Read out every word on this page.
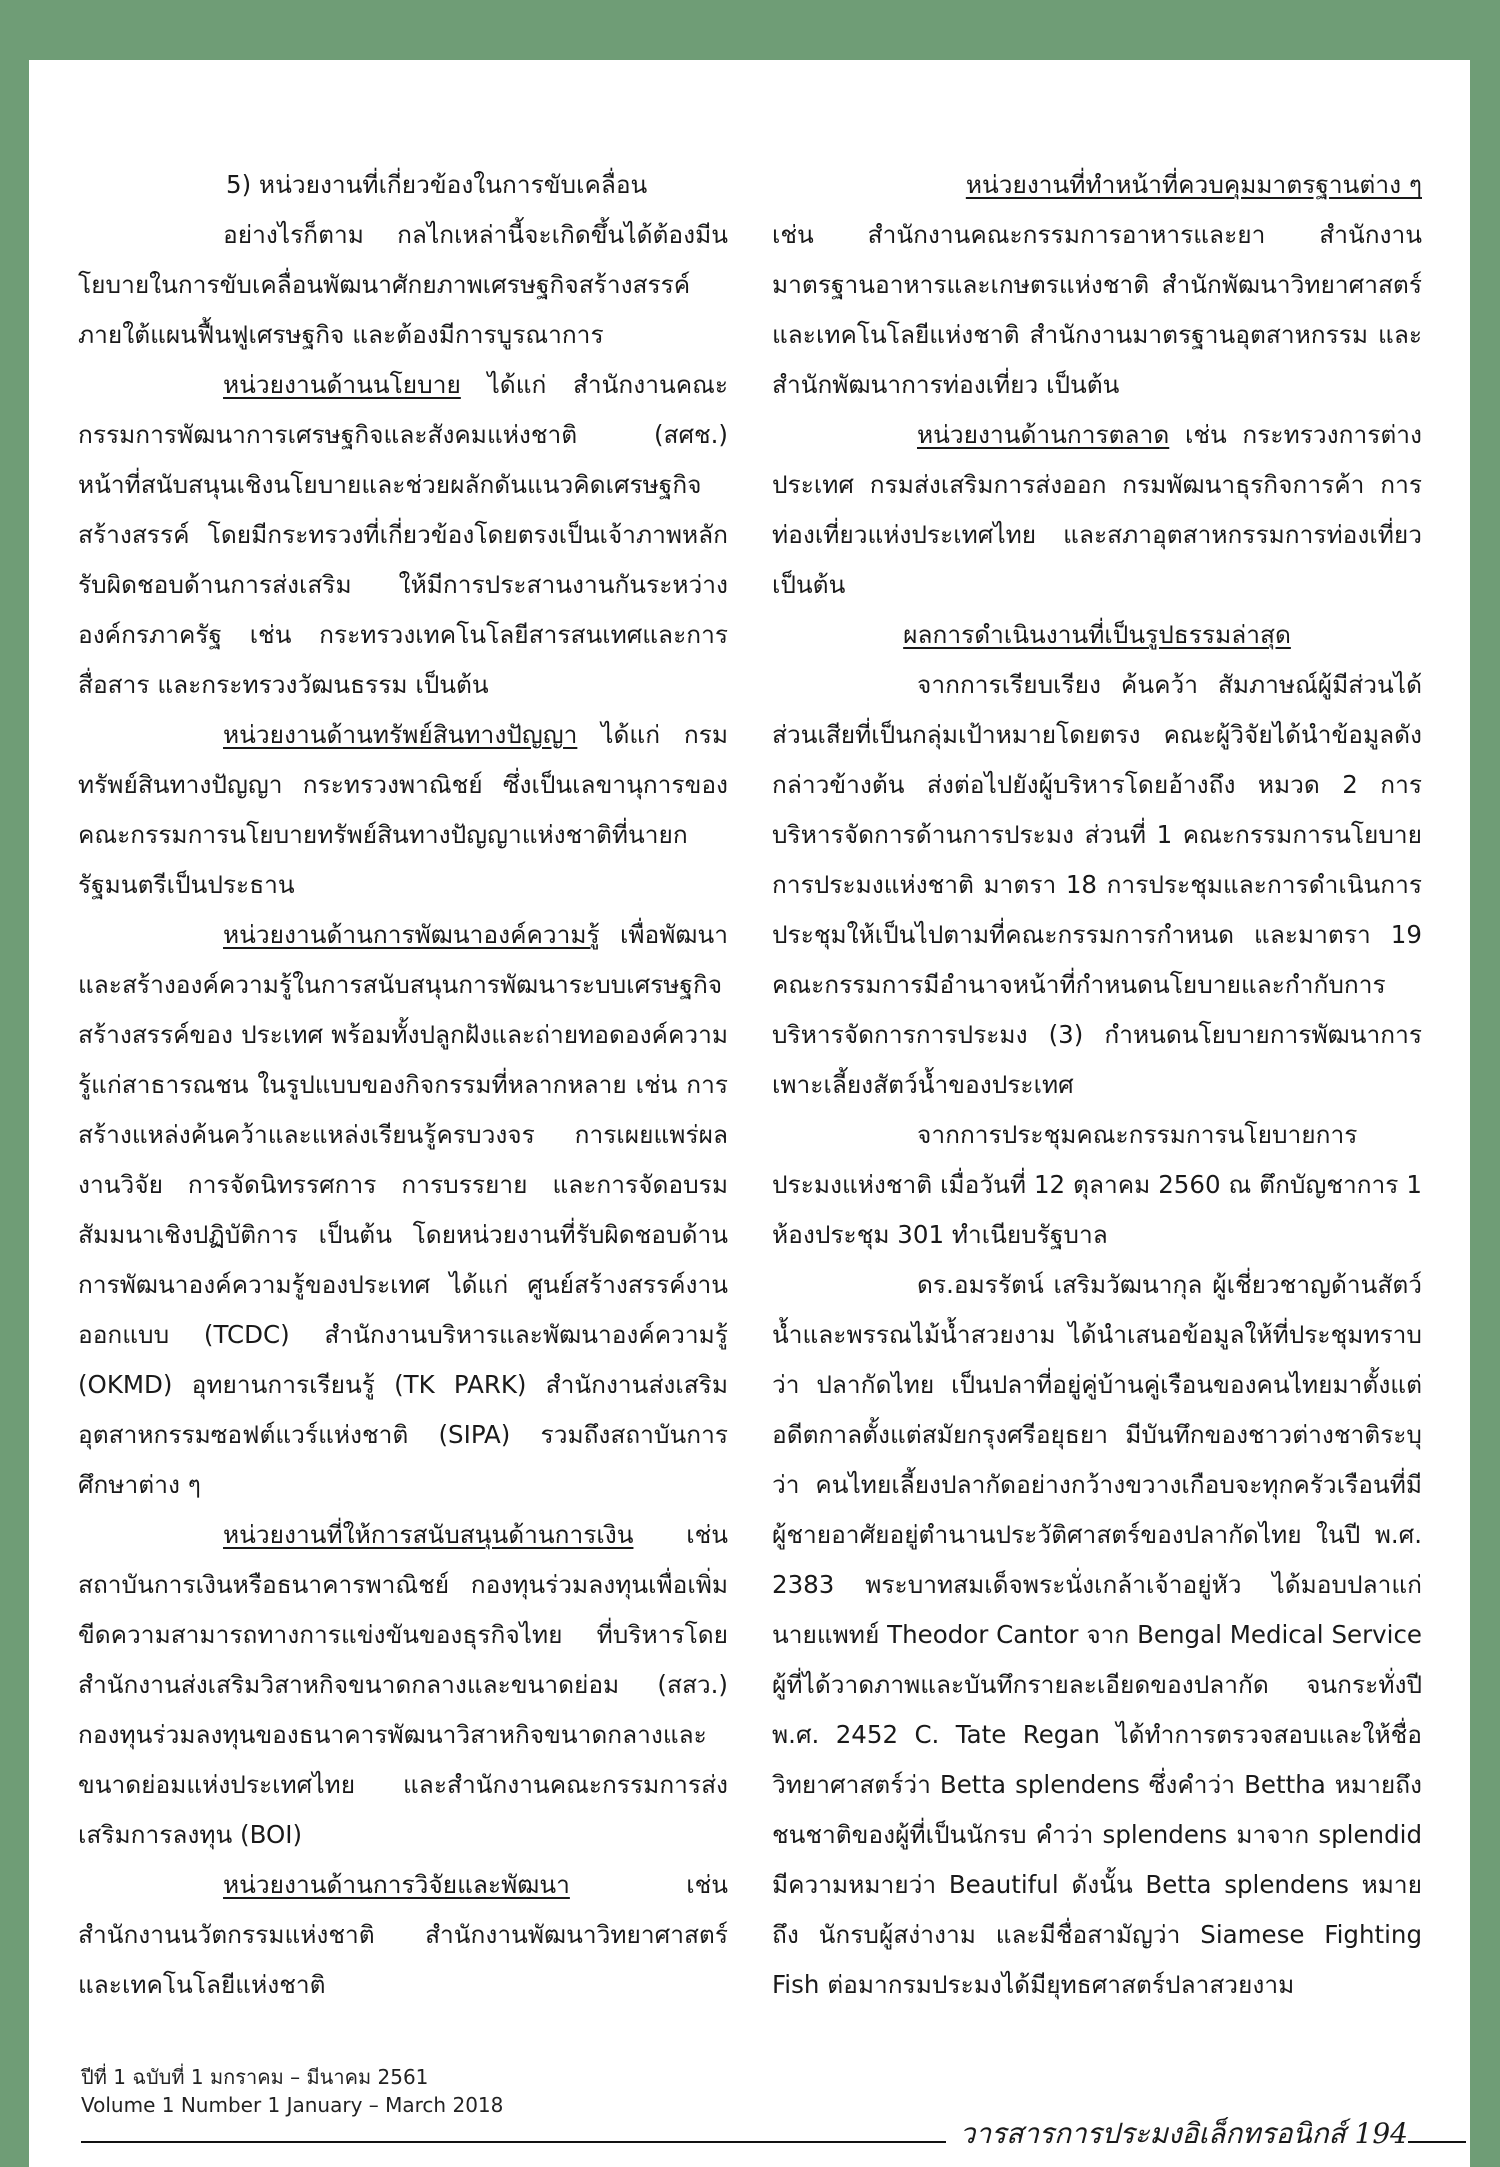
5) หน่วยงานที่เกี่ยวข้องในการขับเคลื่อน

อย่างไรก็ตาม กลไกเหล่านี้จะเกิดขึ้นได้ต้องมีนโยบายในการขับเคลื่อนพัฒนาศักยภาพเศรษฐกิจสร้างสรรค์ภายใต้แผนฟื้นฟูเศรษฐกิจ และต้องมีการบูรณาการ

หน่วยงานด้านนโยบาย ได้แก่ สำนักงานคณะกรรมการพัฒนาการเศรษฐกิจและสังคมแห่งชาติ (สศช.) หน้าที่สนับสนุนเชิงนโยบายและช่วยผลักดันแนวคิดเศรษฐกิจสร้างสรรค์ โดยมีกระทรวงที่เกี่ยวข้องโดยตรงเป็นเจ้าภาพหลักรับผิดชอบด้านการส่งเสริม ให้มีการประสานงานกันระหว่างองค์กรภาครัฐ เช่น กระทรวงเทคโนโลยีสารสนเทศและการสื่อสาร และกระทรวงวัฒนธรรม เป็นต้น

หน่วยงานด้านทรัพย์สินทางปัญญา ได้แก่ กรมทรัพย์สินทางปัญญา กระทรวงพาณิชย์ ซึ่งเป็นเลขานุการของคณะกรรมการนโยบายทรัพย์สินทางปัญญาแห่งชาติที่นายก รัฐมนตรีเป็นประธาน

หน่วยงานด้านการพัฒนาองค์ความรู้ เพื่อพัฒนาและสร้างองค์ความรู้ในการสนับสนุนการพัฒนาระบบเศรษฐกิจสร้างสรรค์ของ ประเทศ พร้อมทั้งปลูกฝังและถ่ายทอดองค์ความรู้แก่สาธารณชน ในรูปแบบของกิจกรรมที่หลากหลาย เช่น การสร้างแหล่งค้นคว้าและแหล่งเรียนรู้ครบวงจร การเผยแพร่ผลงานวิจัย การจัดนิทรรศการ การบรรยาย และการจัดอบรมสัมมนาเชิงปฏิบัติการ เป็นต้น โดยหน่วยงานที่รับผิดชอบด้านการพัฒนาองค์ความรู้ของประเทศ ได้แก่ ศูนย์สร้างสรรค์งานออกแบบ (TCDC) สำนักงานบริหารและพัฒนาองค์ความรู้ (OKMD) อุทยานการเรียนรู้ (TK PARK) สำนักงานส่งเสริมอุตสาหกรรมซอฟต์แวร์แห่งชาติ (SIPA) รวมถึงสถาบันการศึกษาต่าง ๆ

หน่วยงานที่ให้การสนับสนุนด้านการเงิน เช่น สถาบันการเงินหรือธนาคารพาณิชย์ กองทุนร่วมลงทุนเพื่อเพิ่มขีดความสามารถทางการแข่งขันของธุรกิจไทย ที่บริหารโดยสำนักงานส่งเสริมวิสาหกิจขนาดกลางและขนาดย่อม (สสว.) กองทุนร่วมลงทุนของธนาคารพัฒนาวิสาหกิจขนาดกลางและขนาดย่อมแห่งประเทศไทย และสำนักงานคณะกรรมการส่งเสริมการลงทุน (BOI)

หน่วยงานด้านการวิจัยและพัฒนา เช่น สำนักงานนวัตกรรมแห่งชาติ สำนักงานพัฒนาวิทยาศาสตร์และเทคโนโลยีแห่งชาติ

หน่วยงานที่ทำหน้าที่ควบคุมมาตรฐานต่าง ๆ

เช่น สำนักงานคณะกรรมการอาหารและยา สำนักงานมาตรฐานอาหารและเกษตรแห่งชาติ สำนักพัฒนาวิทยาศาสตร์และเทคโนโลยีแห่งชาติ สำนักงานมาตรฐานอุตสาหกรรม และสำนักพัฒนาการท่องเที่ยว เป็นต้น

หน่วยงานด้านการตลาด เช่น กระทรวงการต่างประเทศ กรมส่งเสริมการส่งออก กรมพัฒนาธุรกิจการค้า การท่องเที่ยวแห่งประเทศไทย และสภาอุตสาหกรรมการท่องเที่ยว เป็นต้น

ผลการดำเนินงานที่เป็นรูปธรรมล่าสุด

จากการเรียบเรียง ค้นคว้า สัมภาษณ์ผู้มีส่วนได้ส่วนเสียที่เป็นกลุ่มเป้าหมายโดยตรง คณะผู้วิจัยได้นำข้อมูลดังกล่าวข้างต้น ส่งต่อไปยังผู้บริหารโดยอ้างถึง หมวด 2 การบริหารจัดการด้านการประมง ส่วนที่ 1 คณะกรรมการนโยบายการประมงแห่งชาติ มาตรา 18 การประชุมและการดำเนินการประชุมให้เป็นไปตามที่คณะกรรมการกำหนด และมาตรา 19 คณะกรรมการมีอำนาจหน้าที่กำหนดนโยบายและกำกับการบริหารจัดการการประมง (3) กำหนดนโยบายการพัฒนาการเพาะเลี้ยงสัตว์น้ำของประเทศ

จากการประชุมคณะกรรมการนโยบายการประมงแห่งชาติ เมื่อวันที่ 12 ตุลาคม 2560 ณ ตึกบัญชาการ 1 ห้องประชุม 301 ทำเนียบรัฐบาล

ดร.อมรรัตน์ เสริมวัฒนากุล ผู้เชี่ยวชาญด้านสัตว์น้ำและพรรณไม้น้ำสวยงาม ได้นำเสนอข้อมูลให้ที่ประชุมทราบว่า ปลากัดไทย เป็นปลาที่อยู่คู่บ้านคู่เรือนของคนไทยมาตั้งแต่อดีตกาลตั้งแต่สมัยกรุงศรีอยุธยา มีบันทึกของชาวต่างชาติระบุว่า คนไทยเลี้ยงปลากัดอย่างกว้างขวางเกือบจะทุกครัวเรือนที่มีผู้ชายอาศัยอยู่ตำนานประวัติศาสตร์ของปลากัดไทย ในปี พ.ศ. 2383 พระบาทสมเด็จพระนั่งเกล้าเจ้าอยู่หัว ได้มอบปลาแก่ นายแพทย์ Theodor Cantor จาก Bengal Medical Service ผู้ที่ได้วาดภาพและบันทึกรายละเอียดของปลากัด จนกระทั่งปี พ.ศ. 2452 C. Tate Regan ได้ทำการตรวจสอบและให้ชื่อวิทยาศาสตร์ว่า Betta splendens ซึ่งคำว่า Bettha หมายถึง ชนชาติของผู้ที่เป็นนักรบ คำว่า splendens มาจาก splendid มีความหมายว่า Beautiful ดังนั้น Betta splendens หมายถึง นักรบผู้สง่างาม และมีชื่อสามัญว่า Siamese Fighting Fish ต่อมากรมประมงได้มียุทธศาสตร์ปลาสวยงาม

ปีที่ 1 ฉบับที่ 1 มกราคม – มีนาคม 2561
Volume 1 Number 1 January – March 2018
วารสารการประมงอิเล็กทรอนิกส์ 194
